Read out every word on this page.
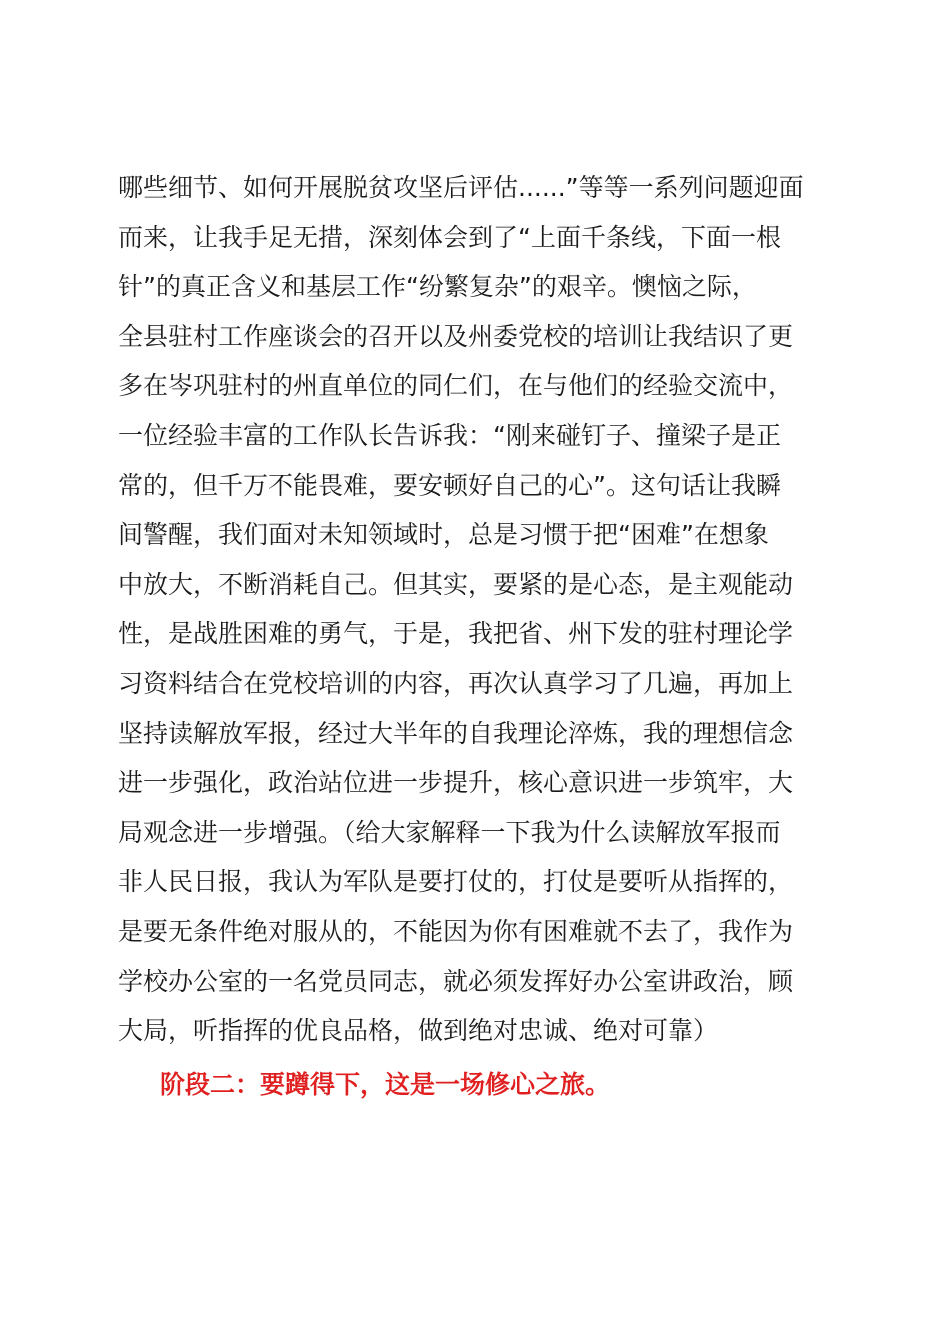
哪些细节、如何开展脱贫攻坚后评估......”等等一系列问题迎面
而来，让我手足无措，深刻体会到了“上面千条线，下面一根
针”的真正含义和基层工作“纷繁复杂”的艰辛。懊恼之际，
全县驻村工作座谈会的召开以及州委党校的培训让我结识了更
多在岑巩驻村的州直单位的同仁们，在与他们的经验交流中，
一位经验丰富的工作队长告诉我：“刚来碰钉子、撞梁子是正
常的，但千万不能畏难，要安顿好自己的心”。这句话让我瞬
间警醒，我们面对未知领域时，总是习惯于把“困难”在想象
中放大，不断消耗自己。但其实，要紧的是心态，是主观能动
性，是战胜困难的勇气，于是，我把省、州下发的驻村理论学
习资料结合在党校培训的内容，再次认真学习了几遍，再加上
坚持读解放军报，经过大半年的自我理论淬炼，我的理想信念
进一步强化，政治站位进一步提升，核心意识进一步筑牢，大
局观念进一步增强。（给大家解释一下我为什么读解放军报而
非人民日报，我认为军队是要打仗的，打仗是要听从指挥的，
是要无条件绝对服从的，不能因为你有困难就不去了，我作为
学校办公室的一名党员同志，就必须发挥好办公室讲政治，顾
大局，听指挥的优良品格，做到绝对忠诚、绝对可靠）
阶段二：要蹲得下，这是一场修心之旅。
